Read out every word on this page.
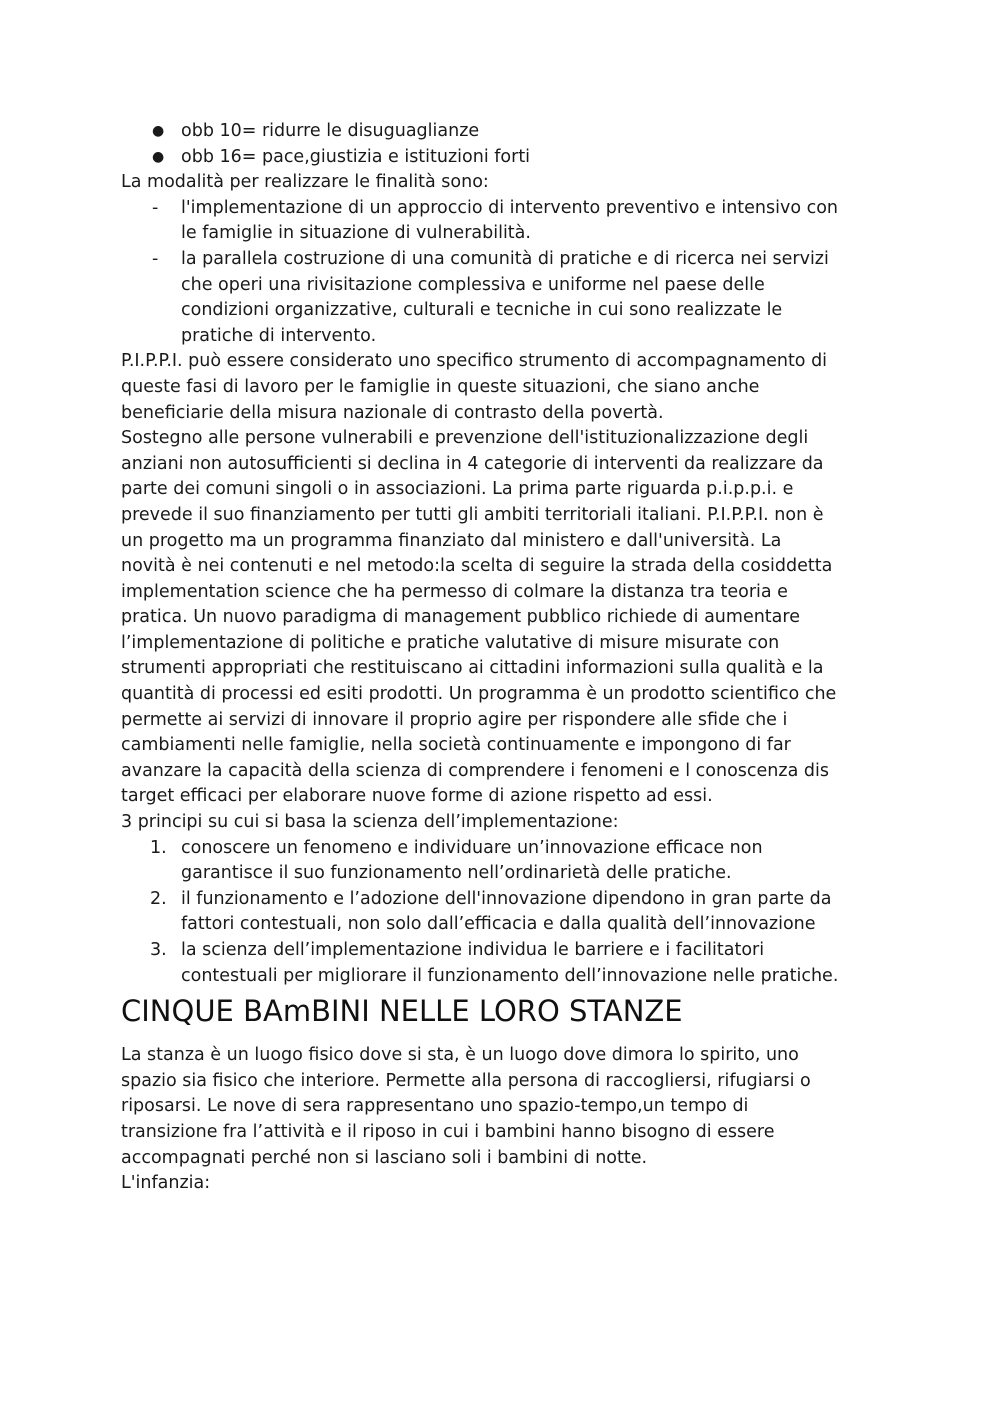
● obb 10= ridurre le disuguaglianze
● obb 16= pace,giustizia e istituzioni forti
La modalità per realizzare le finalità sono:
- l'implementazione di un approccio di intervento preventivo e intensivo con
le famiglie in situazione di vulnerabilità.
- la parallela costruzione di una comunità di pratiche e di ricerca nei servizi
che operi una rivisitazione complessiva e uniforme nel paese delle
condizioni organizzative, culturali e tecniche in cui sono realizzate le
pratiche di intervento.
P.I.P.P.I. può essere considerato uno specifico strumento di accompagnamento di
queste fasi di lavoro per le famiglie in queste situazioni, che siano anche
beneficiarie della misura nazionale di contrasto della povertà.
Sostegno alle persone vulnerabili e prevenzione dell'istituzionalizzazione degli
anziani non autosufficienti si declina in 4 categorie di interventi da realizzare da
parte dei comuni singoli o in associazioni. La prima parte riguarda p.i.p.p.i. e
prevede il suo finanziamento per tutti gli ambiti territoriali italiani. P.I.P.P.I. non è
un progetto ma un programma finanziato dal ministero e dall'università. La
novità è nei contenuti e nel metodo:la scelta di seguire la strada della cosiddetta
implementation science che ha permesso di colmare la distanza tra teoria e
pratica. Un nuovo paradigma di management pubblico richiede di aumentare
l’implementazione di politiche e pratiche valutative di misure misurate con
strumenti appropriati che restituiscano ai cittadini informazioni sulla qualità e la
quantità di processi ed esiti prodotti. Un programma è un prodotto scientifico che
permette ai servizi di innovare il proprio agire per rispondere alle sfide che i
cambiamenti nelle famiglie, nella società continuamente e impongono di far
avanzare la capacità della scienza di comprendere i fenomeni e l conoscenza dis
target efficaci per elaborare nuove forme di azione rispetto ad essi.
3 principi su cui si basa la scienza dell’implementazione:
1. conoscere un fenomeno e individuare un’innovazione efficace non
garantisce il suo funzionamento nell’ordinarietà delle pratiche.
2. il funzionamento e l’adozione dell'innovazione dipendono in gran parte da
fattori contestuali, non solo dall’efficacia e dalla qualità dell’innovazione
3. la scienza dell’implementazione individua le barriere e i facilitatori
contestuali per migliorare il funzionamento dell’innovazione nelle pratiche.
CINQUE BAmBINI NELLE LORO STANZE
La stanza è un luogo fisico dove si sta, è un luogo dove dimora lo spirito, uno
spazio sia fisico che interiore. Permette alla persona di raccogliersi, rifugiarsi o
riposarsi. Le nove di sera rappresentano uno spazio-tempo,un tempo di
transizione fra l’attività e il riposo in cui i bambini hanno bisogno di essere
accompagnati perché non si lasciano soli i bambini di notte.
L'infanzia:
